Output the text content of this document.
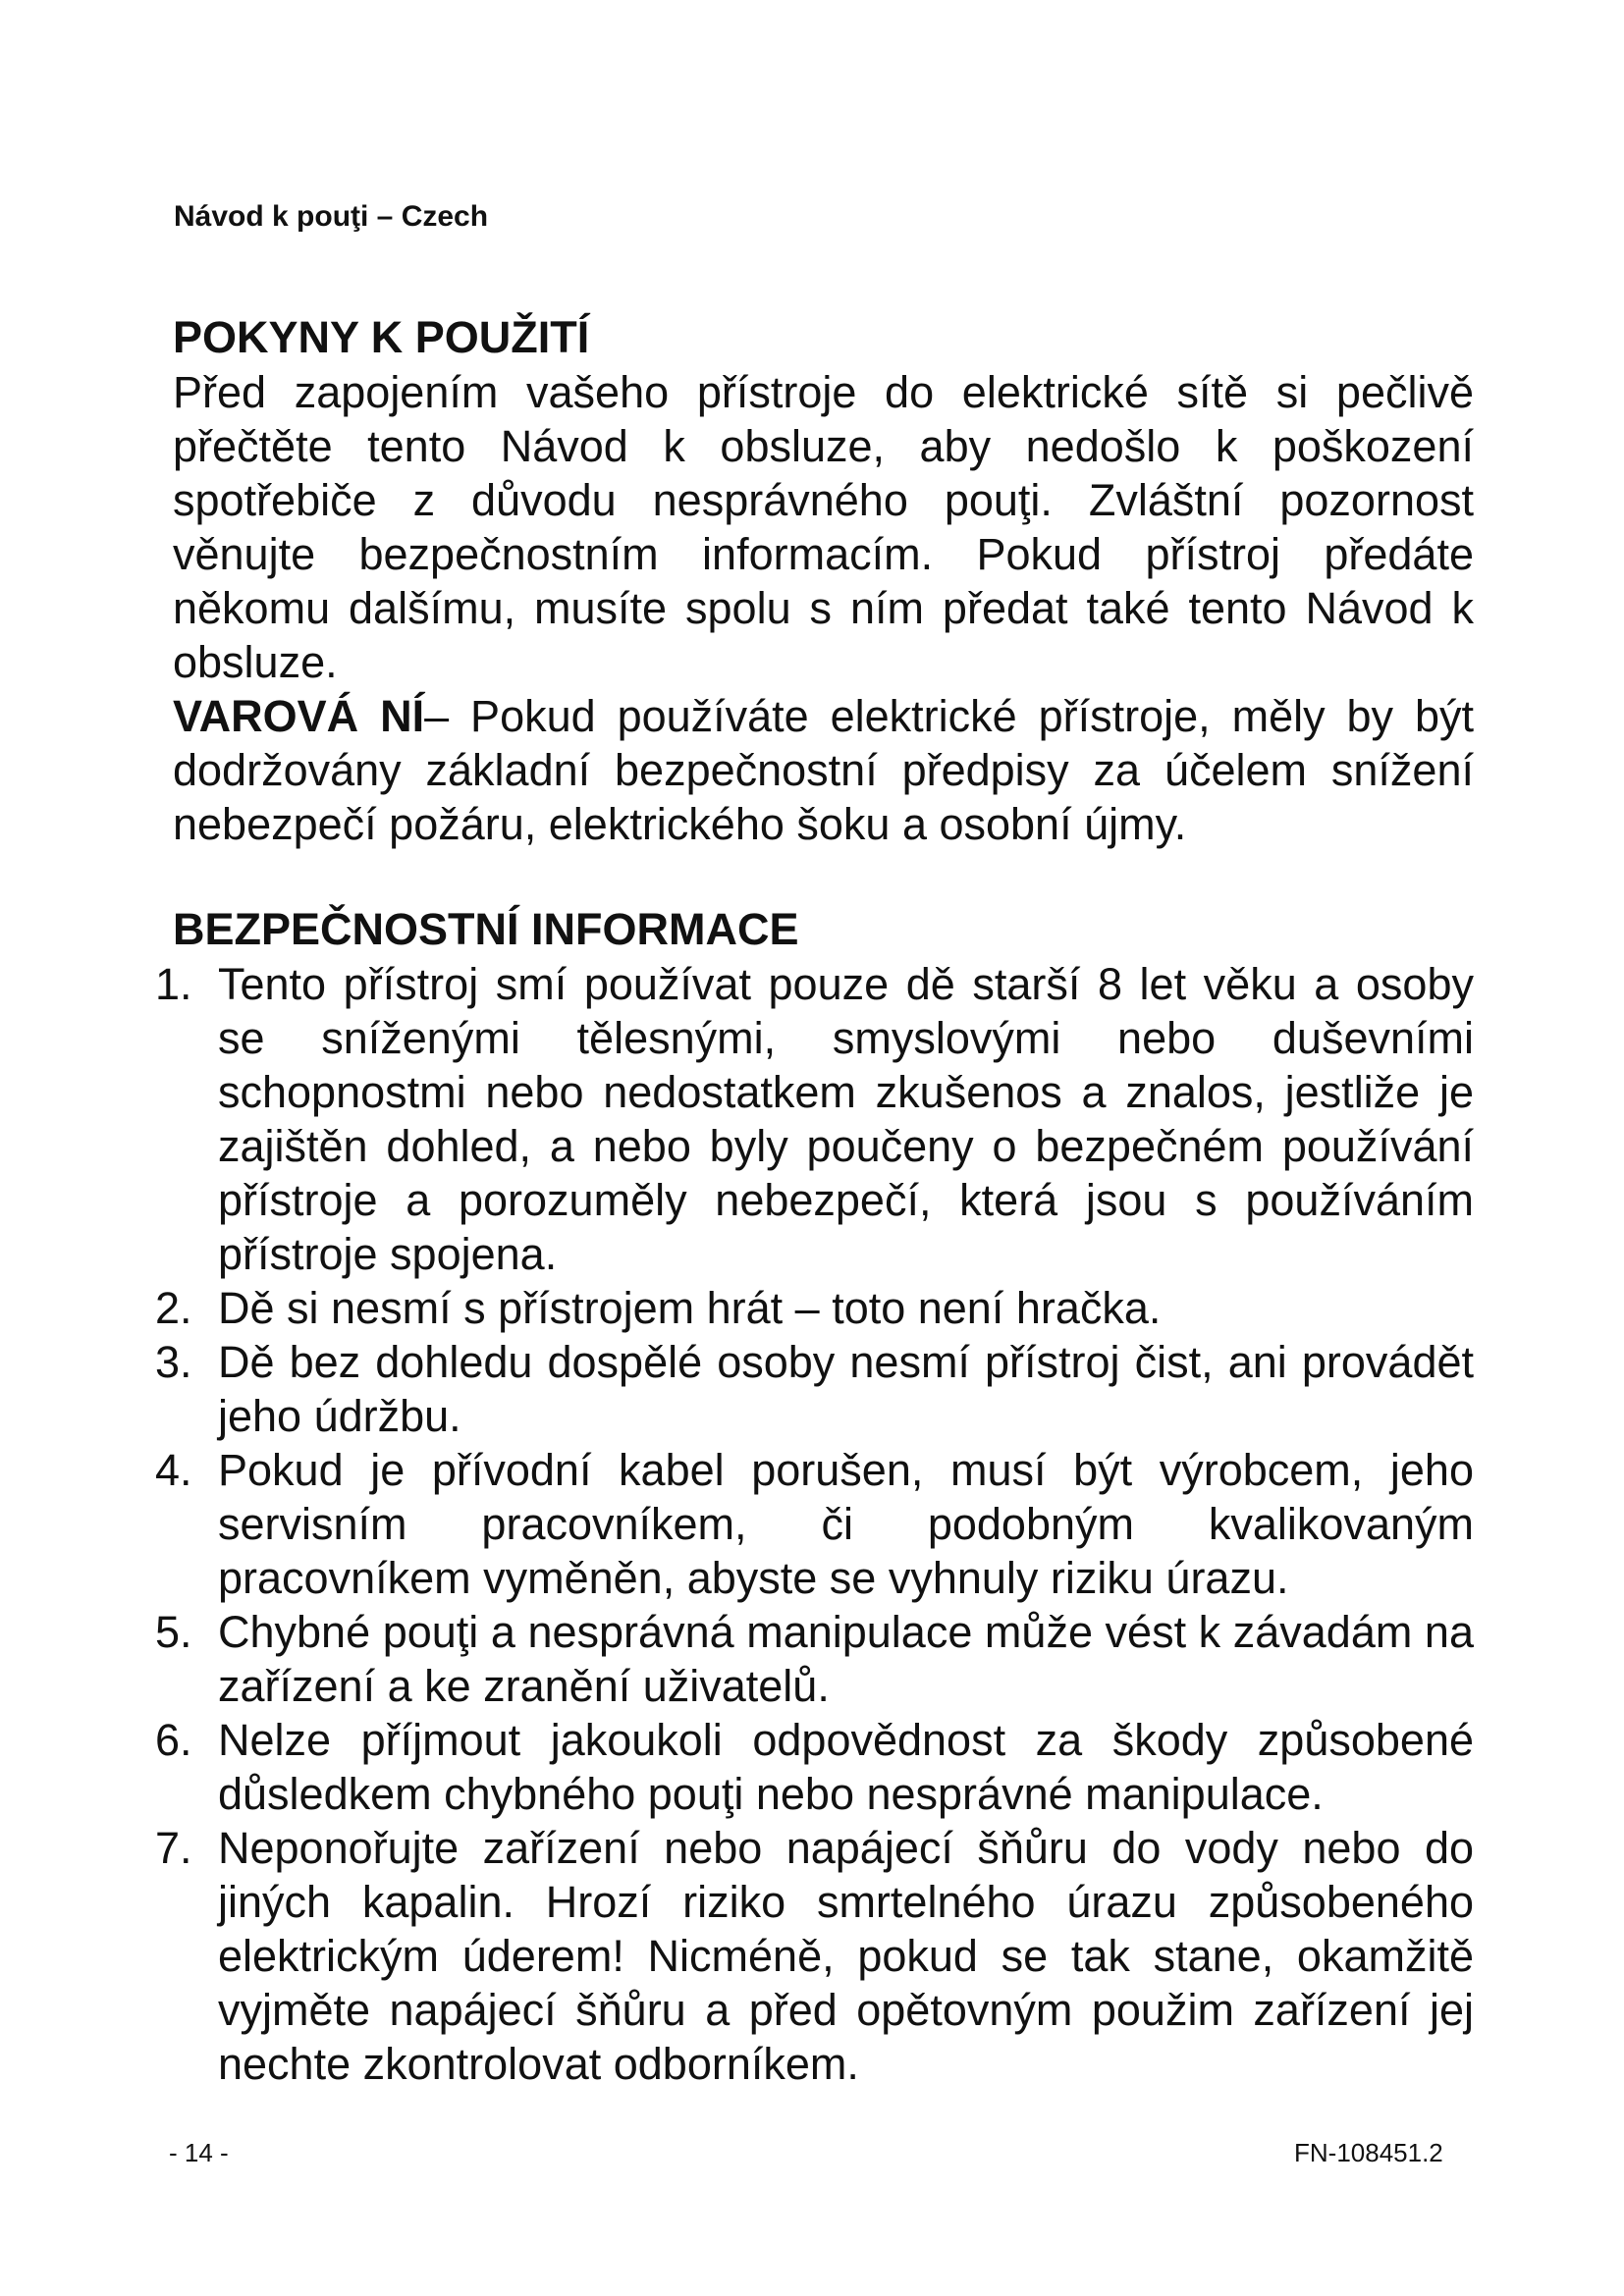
Návod k pouţi – Czech
POKYNY K POUŽITÍ

Před zapojením vašeho přístroje do elektrické sítě si pečlivě přečtěte tento Návod k obsluze, aby nedošlo k poškození spotřebiče z důvodu nesprávného pouţi. Zvláštní pozornost věnujte bezpečnostním informacím. Pokud přístroj předáte někomu dalšímu, musíte spolu s ním předat také tento Návod k obsluze.

VAROVÁ NÍ– Pokud používáte elektrické přístroje, měly by být dodržovány základní bezpečnostní předpisy za účelem snížení nebezpečí požáru, elektrického šoku a osobní újmy.

BEZPEČNOSTNÍ INFORMACE
1. Tento přístroj smí používat pouze dě starší 8 let věku a osoby se sníženými tělesnými, smyslovými nebo duševními schopnostmi nebo nedostatkem zkušenos a znalos, jestliže je zajištěn dohled, a nebo byly poučeny o bezpečném používání přístroje a porozuměly nebezpečí, která jsou s používáním přístroje spojena.
2. Dě si nesmí s přístrojem hrát – toto není hračka.
3. Dě bez dohledu dospělé osoby nesmí přístroj čist, ani provádět jeho údržbu.
4. Pokud je přívodní kabel porušen, musí být výrobcem, jeho servisním pracovníkem, či podobným kvalikovaným pracovníkem vyměněn, abyste se vyhnuly riziku úrazu.
5. Chybné pouţi a nesprávná manipulace může vést k závadám na zařízení a ke zranění uživatelů.
6. Nelze příjmout jakoukoli odpovědnost za škody způsobené důsledkem chybného pouţi nebo nesprávné manipulace.
7. Neponořujte zařízení nebo napájecí šňůru do vody nebo do jiných kapalin. Hrozí riziko smrtelného úrazu způsobeného elektrickým úderem! Nicméně, pokud se tak stane, okamžitě vyjměte napájecí šňůru a před opětovným použim zařízení jej nechte zkontrolovat odborníkem.
- 14 -	FN-108451.2
